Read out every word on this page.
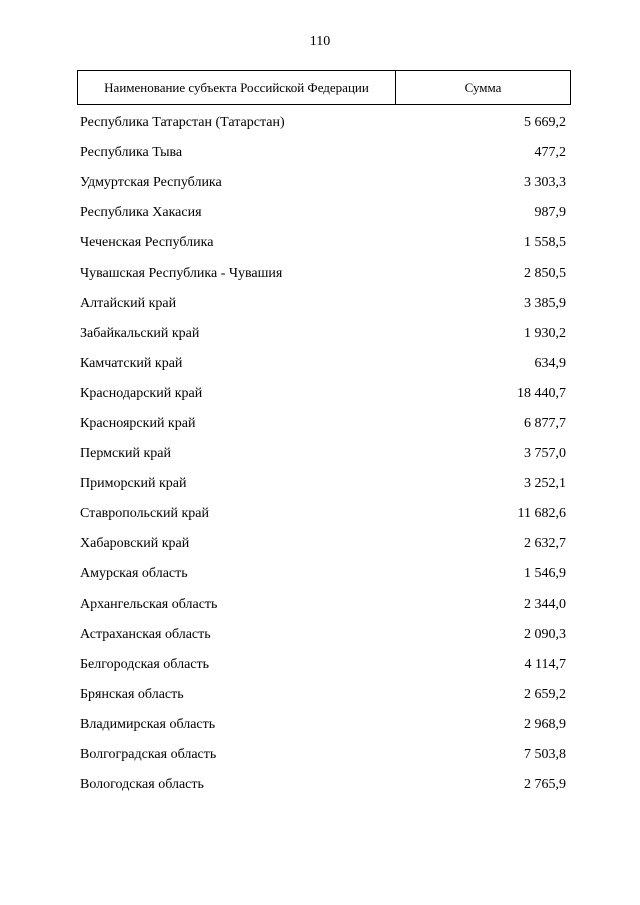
110
Наименование субъекта Российской Федерации	Сумма
Республика Татарстан (Татарстан)	5 669,2
Республика Тыва	477,2
Удмуртская Республика	3 303,3
Республика Хакасия	987,9
Чеченская Республика	1 558,5
Чувашская Республика - Чувашия	2 850,5
Алтайский край	3 385,9
Забайкальский край	1 930,2
Камчатский край	634,9
Краснодарский край	18 440,7
Красноярский край	6 877,7
Пермский край	3 757,0
Приморский край	3 252,1
Ставропольский край	11 682,6
Хабаровский край	2 632,7
Амурская область	1 546,9
Архангельская область	2 344,0
Астраханская область	2 090,3
Белгородская область	4 114,7
Брянская область	2 659,2
Владимирская область	2 968,9
Волгоградская область	7 503,8
Вологодская область	2 765,9
